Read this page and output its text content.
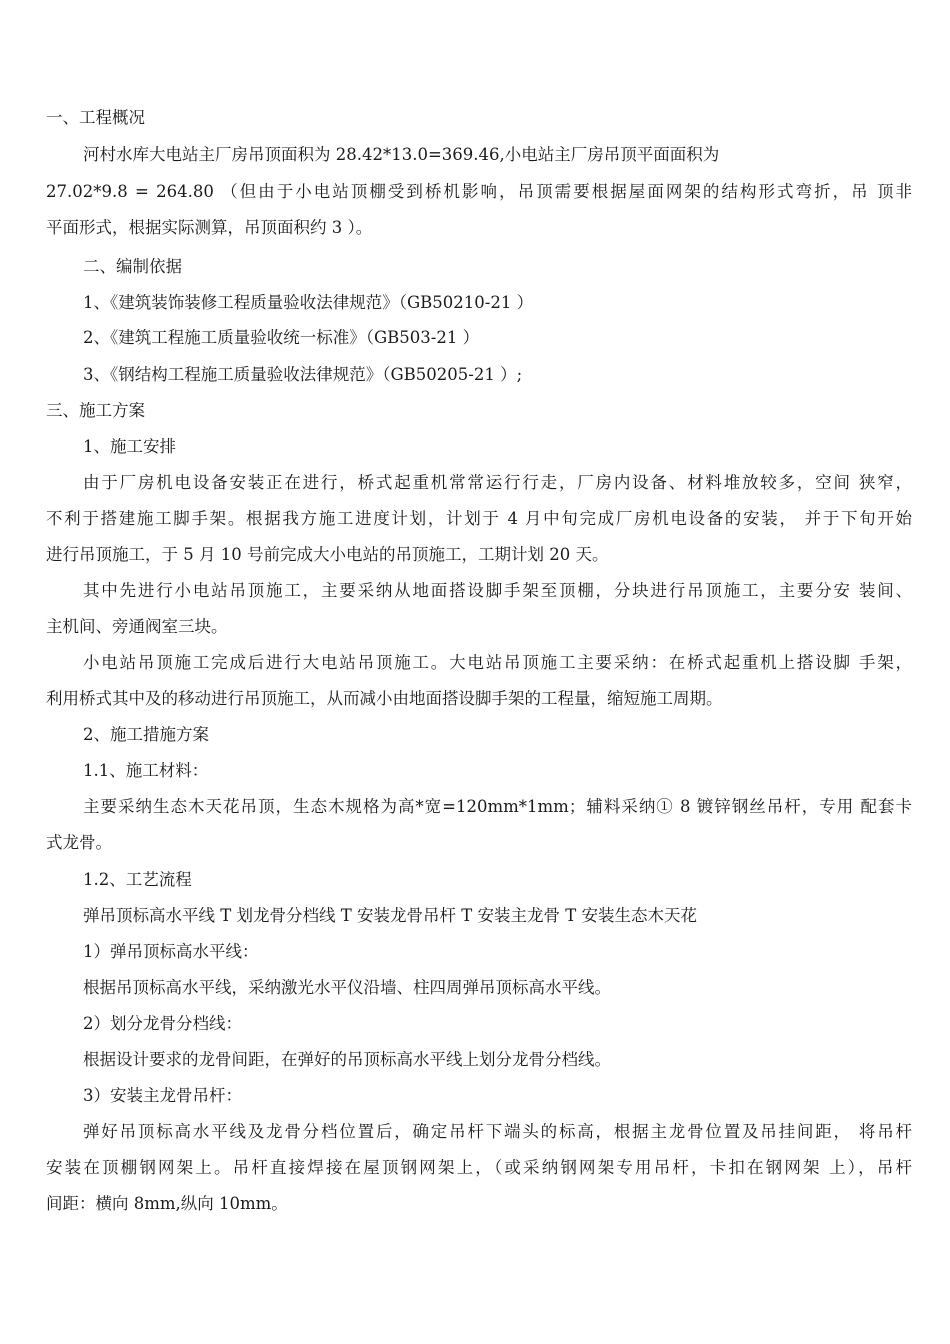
一、工程概况
河村水库大电站主厂房吊顶面积为 28.42*13.0=369.46,小电站主厂房吊顶平面面积为
27.02*9.8 = 264.80 （但由于小电站顶棚受到桥机影响，吊顶需要根据屋面网架的结构形式弯折，吊 顶非
平面形式，根据实际测算，吊顶面积约 3 ）。
二、编制依据
1、《建筑装饰装修工程质量验收法律规范》（GB50210-21 ）
2、《建筑工程施工质量验收统一标准》（GB503-21 ）
3、《钢结构工程施工质量验收法律规范》（GB50205-21 ）;
三、施工方案
1、施工安排
由于厂房机电设备安装正在进行，桥式起重机常常运行行走，厂房内设备、材料堆放较多，空间 狭窄，
不利于搭建施工脚手架。根据我方施工进度计划，计划于 4 月中旬完成厂房机电设备的安装， 并于下旬开始
进行吊顶施工，于 5 月 10 号前完成大小电站的吊顶施工，工期计划 20 天。
其中先进行小电站吊顶施工，主要采纳从地面搭设脚手架至顶棚，分块进行吊顶施工，主要分安 装间、
主机间、旁通阀室三块。
小电站吊顶施工完成后进行大电站吊顶施工。大电站吊顶施工主要采纳：在桥式起重机上搭设脚 手架，
利用桥式其中及的移动进行吊顶施工，从而减小由地面搭设脚手架的工程量，缩短施工周期。
2、施工措施方案
1.1、施工材料：
主要采纳生态木天花吊顶，生态木规格为高*宽=120mm*1mm；辅料采纳① 8 镀锌钢丝吊杆，专用 配套卡
式龙骨。
1.2、工艺流程
弹吊顶标高水平线 T 划龙骨分档线 T 安装龙骨吊杆 T 安装主龙骨 T 安装生态木天花
1）弹吊顶标高水平线：
根据吊顶标高水平线，采纳激光水平仪沿墙、柱四周弹吊顶标高水平线。
2）划分龙骨分档线：
根据设计要求的龙骨间距，在弹好的吊顶标高水平线上划分龙骨分档线。
3）安装主龙骨吊杆：
弹好吊顶标高水平线及龙骨分档位置后，确定吊杆下端头的标高，根据主龙骨位置及吊挂间距， 将吊杆
安装在顶棚钢网架上。吊杆直接焊接在屋顶钢网架上，（或采纳钢网架专用吊杆，卡扣在钢网架 上），吊杆
间距：横向 8mm,纵向 10mm。
